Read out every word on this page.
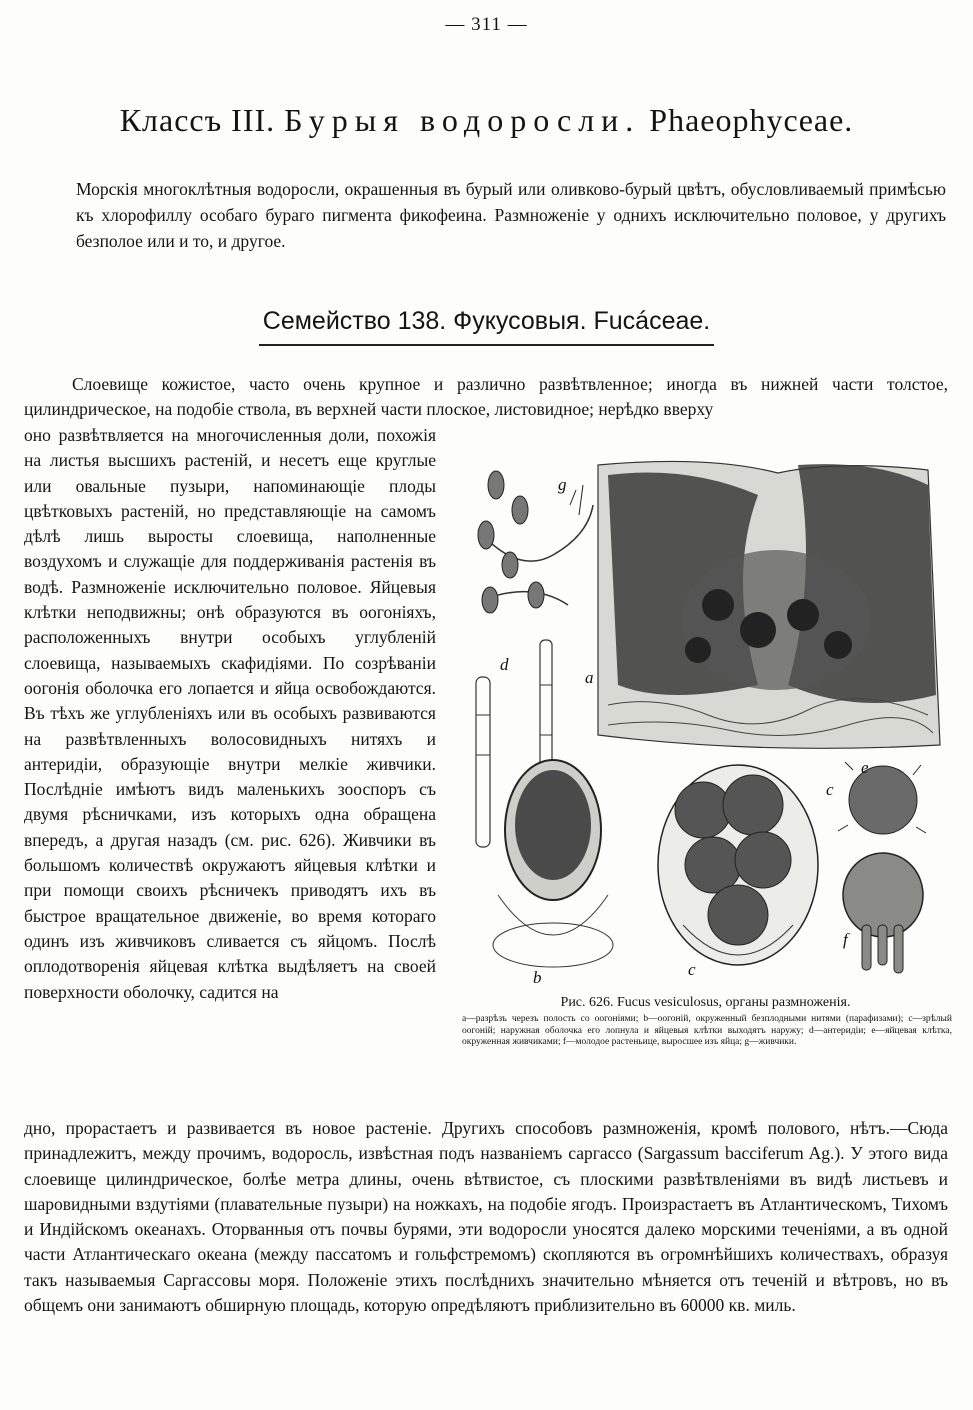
— 311 —
Классъ III. Бурыя водоросли. Phaeophyceae.
Морскія многоклѣтныя водоросли, окрашенныя въ бурый или оливково-бурый цвѣтъ, обусловливаемый примѣсью къ хлорофиллу особаго бураго пигмента фикофеина. Размноженіе у однихъ исключительно половое, у другихъ безполое или и то, и другое.
Семейство 138. Фукусовыя. Fucáceae.

Слоевище кожистое, часто очень крупное и различно развѣтвленное; иногда въ нижней части толстое, цилиндрическое, на подобіе ствола, въ верхней части плоское, листовидное; нерѣдко вверху

оно развѣтвляется на многочисленныя доли, похожія на листья высшихъ растеній, и несетъ еще круглые или овальные пузыри, напоминающіе плоды цвѣтковыхъ растеній, но представляющіе на самомъ дѣлѣ лишь выросты слоевища, наполненные воздухомъ и служащіе для поддерживанія растенія въ водѣ. Размноженіе исключительно половое. Яйцевыя клѣтки неподвижны; онѣ образуются въ оогоніяхъ, расположенныхъ внутри особыхъ углубленій слоевища, называемыхъ скафидіями. По созрѣваніи оогонія оболочка его лопается и яйца освобождаются. Въ тѣхъ же углубленіяхъ или въ особыхъ развиваются на развѣтвленныхъ волосовидныхъ нитяхъ и антеридіи, образующіе внутри мелкіе живчики. Послѣдніе имѣютъ видъ маленькихъ зооспоръ съ двумя рѣсничками, изъ которыхъ одна обращена впередъ, а другая назадъ (см. рис. 626). Живчики въ большомъ количествѣ окружаютъ яйцевыя клѣтки и при помощи своихъ рѣсничекъ приводятъ ихъ въ быстрое вращательное движеніе, во время котораго одинъ изъ живчиковъ сливается съ яйцомъ. Послѣ оплодотворенія яйцевая клѣтка выдѣляетъ на своей поверхности оболочку, садится на

g
d
a
b	c
c
e
f
Рис. 626. Fucus vesiculosus, органы размноженія.
a—разрѣзъ черезъ полость со оогоніями; b—оогоній, окруженный безплодными нитями (парафизами); c—зрѣлый оогоній; наружная оболочка его лопнула и яйцевыя клѣтки выходятъ наружу; d—антеридіи; e—яйцевая клѣтка, окруженная живчиками; f—молодое растеньице, выросшее изъ яйца; g—живчики.

дно, прорастаетъ и развивается въ новое растеніе. Другихъ способовъ размноженія, кромѣ полового, нѣтъ.—Сюда принадлежитъ, между прочимъ, водоросль, извѣстная подъ названіемъ саргассо (Sargassum bacciferum Ag.). У этого вида слоевище цилиндрическое, болѣе метра длины, очень вѣтвистое, съ плоскими развѣтвленіями въ видѣ листьевъ и шаровидными вздутіями (плавательные пузыри) на ножкахъ, на подобіе ягодъ. Произрастаетъ въ Атлантическомъ, Тихомъ и Индійскомъ океанахъ. Оторванныя отъ почвы бурями, эти водоросли уносятся далеко морскими теченіями, а въ одной части Атлантическаго океана (между пассатомъ и гольфстремомъ) скопляются въ огромнѣйшихъ количествахъ, образуя такъ называемыя Саргассовы моря. Положеніе этихъ послѣднихъ значительно мѣняется отъ теченій и вѣтровъ, но въ общемъ они занимаютъ обширную площадь, которую опредѣляютъ приблизительно въ 60000 кв. миль.
